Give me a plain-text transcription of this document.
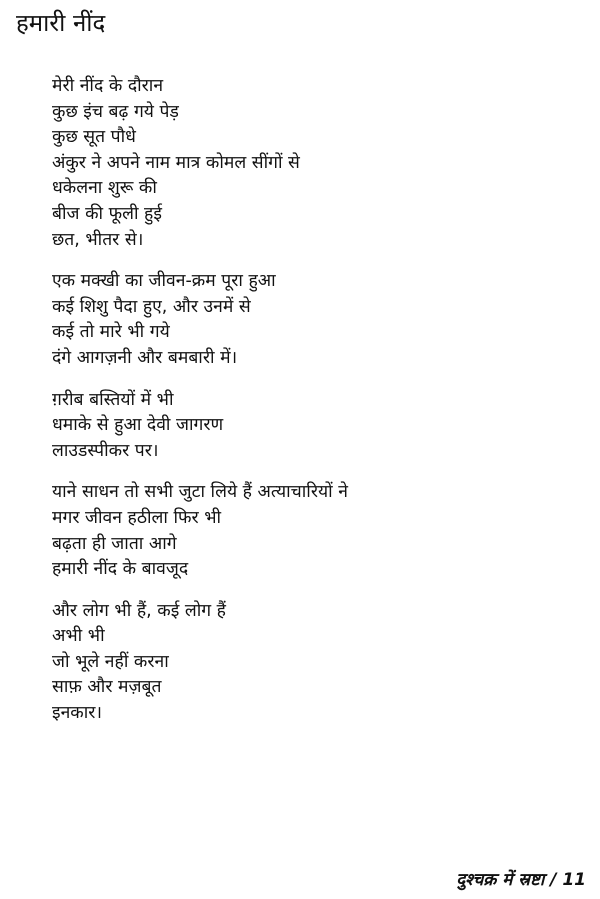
हमारी नींद
मेरी नींद के दौरान
कुछ इंच बढ़ गये पेड़
कुछ सूत पौधे
अंकुर ने अपने नाम मात्र कोमल सींगों से
धकेलना शुरू की
बीज की फूली हुई
छत, भीतर से।
एक मक्खी का जीवन-क्रम पूरा हुआ
कई शिशु पैदा हुए, और उनमें से
कई तो मारे भी गये
दंगे आगज़नी और बमबारी में।
ग़रीब बस्तियों में भी
धमाके से हुआ देवी जागरण
लाउडस्पीकर पर।
याने साधन तो सभी जुटा लिये हैं अत्याचारियों ने
मगर जीवन हठीला फिर भी
बढ़ता ही जाता आगे
हमारी नींद के बावजूद
और लोग भी हैं, कई लोग हैं
अभी भी
जो भूले नहीं करना
साफ़ और मज़बूत
इनकार।
दुश्चक्र में स्रष्टा / 11
